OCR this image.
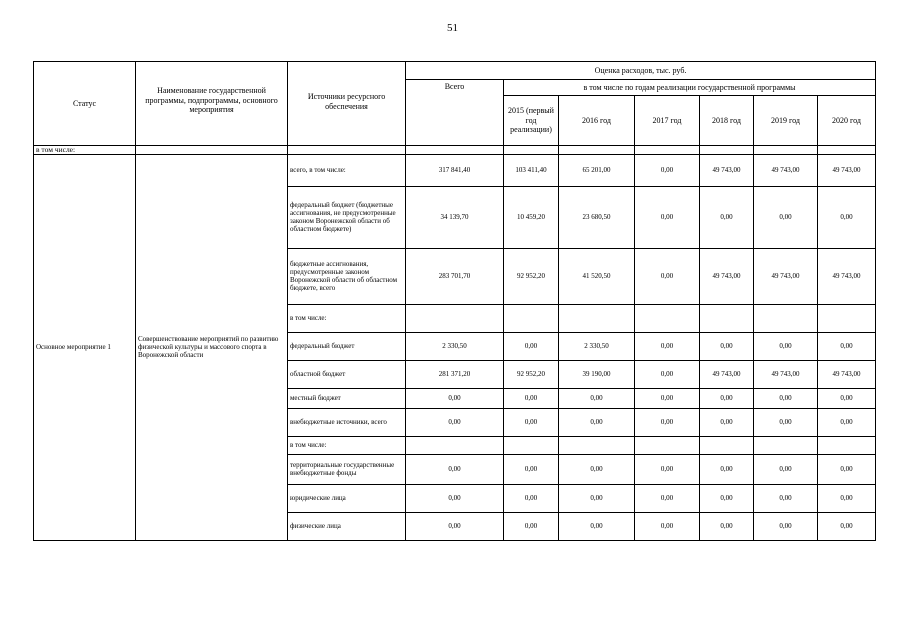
51
Статус	Наименование государственной программы, подпрограммы, основного мероприятия	Источники ресурсного обеспечения	Оценка расходов, тыс. руб.						
			Всего	в том числе по годам реализации государственной программы					
				2015 (первый год реализации)	2016 год	2017 год	2018 год	2019 год	2020 год
в том числе:									
Основное мероприятие 1	Совершенствование мероприятий по развитию физической культуры и массового спорта в Воронежской области	всего, в том числе:	317 841,40	103 411,40	65 201,00	0,00	49 743,00	49 743,00	49 743,00
		федеральный бюджет (бюджетные ассигнования, не предусмотренные законом Воронежской области об областном бюджете)	34 139,70	10 459,20	23 680,50	0,00	0,00	0,00	0,00
		бюджетные ассигнования, предусмотренные законом Воронежской области об областном бюджете, всего	283 701,70	92 952,20	41 520,50	0,00	49 743,00	49 743,00	49 743,00
		в том числе:							
		федеральный бюджет	2 330,50	0,00	2 330,50	0,00	0,00	0,00	0,00
		областной бюджет	281 371,20	92 952,20	39 190,00	0,00	49 743,00	49 743,00	49 743,00
		местный бюджет	0,00	0,00	0,00	0,00	0,00	0,00	0,00
		внебюджетные источники, всего	0,00	0,00	0,00	0,00	0,00	0,00	0,00
		в том числе:							
		территориальные государственные внебюджетные фонды	0,00	0,00	0,00	0,00	0,00	0,00	0,00
		юридические лица	0,00	0,00	0,00	0,00	0,00	0,00	0,00
		физические лица	0,00	0,00	0,00	0,00	0,00	0,00	0,00
